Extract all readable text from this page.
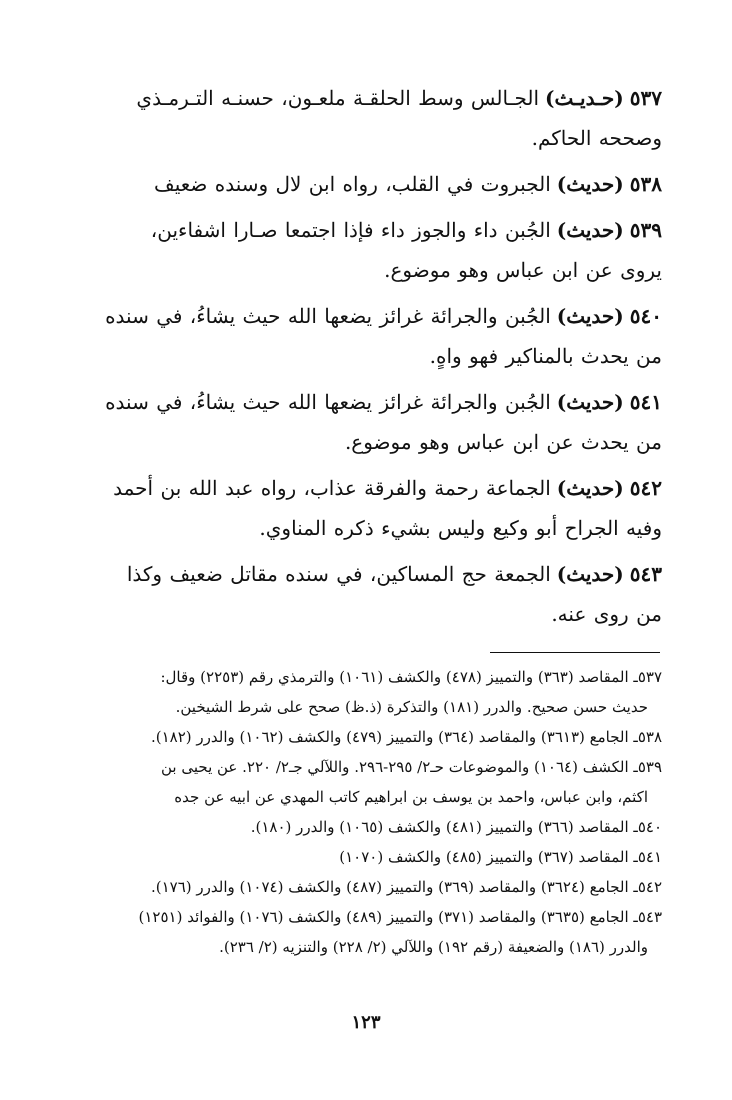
٥٣٧(حـديـث)الجـالس وسط الحلقـة ملعـون، حسنـه التـرمـذي
وصححه الحاكم.

٥٣٨(حديث)الجبروت في القلب، رواه ابن لال وسنده ضعيف

٥٣٩(حديث)الجُبن داء والجوز داء فإذا اجتمعا صـارا اشفاءين،
يروى عن ابن عباس وهو موضوع.

٥٤٠(حديث)الجُبن والجرائة غرائز يضعها الله حيث يشاءُ، في سنده
من يحدث بالمناكير فهو واهٍ.

٥٤١(حديث)الجُبن والجرائة غرائز يضعها الله حيث يشاءُ، في سنده
من يحدث عن ابن عباس وهو موضوع.

٥٤٢(حديث)الجماعة رحمة والفرقة عذاب، رواه عبد الله بن أحمد
وفيه الجراح أبو وكيع وليس بشيء ذكره المناوي.

٥٤٣(حديث)الجمعة حج المساكين، في سنده مقاتل ضعيف وكذا
من روى عنه.

٥٣٧ـ المقاصد (٣٦٣) والتمييز (٤٧٨) والكشف (١٠٦١) والترمذي رقم (٢٢٥٣) وقال:
حديث حسن صحيح. والدرر (١٨١) والتذكرة (ذ.ظ) صحح على شرط الشيخين.
٥٣٨ـ الجامع (٣٦١٣) والمقاصد (٣٦٤) والتمييز (٤٧٩) والكشف (١٠٦٢) والدرر (١٨٢).
٥٣٩ـ الكشف (١٠٦٤) والموضوعات حـ٢/ ٢٩٥-٢٩٦. واللآلي جـ٢/ ٢٢٠. عن يحيى بن
اكثم، وابن عباس، واحمد بن يوسف بن ابراهيم كاتب المهدي عن ابيه عن جده
٥٤٠ـ المقاصد (٣٦٦) والتمييز (٤٨١) والكشف (١٠٦٥) والدرر (١٨٠).
٥٤١ـ المقاصد (٣٦٧) والتمييز (٤٨٥) والكشف (١٠٧٠)
٥٤٢ـ الجامع (٣٦٢٤) والمقاصد (٣٦٩) والتمييز (٤٨٧) والكشف (١٠٧٤) والدرر (١٧٦).
٥٤٣ـ الجامع (٣٦٣٥) والمقاصد (٣٧١) والتمييز (٤٨٩) والكشف (١٠٧٦) والفوائد (١٢٥١)
والدرر (١٨٦) والضعيفة (رقم ١٩٢) واللآلي (٢/ ٢٢٨) والتنزيه (٢/ ٢٣٦).
١٢٣
